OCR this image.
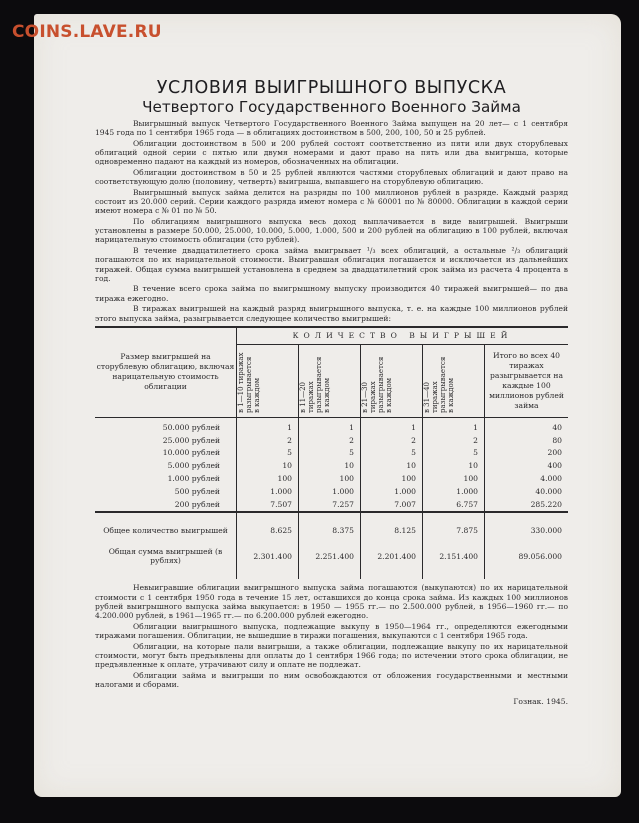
COINS.LAVE.RU
УСЛОВИЯ ВЫИГРЫШНОГО ВЫПУСКА
Четвертого Государственного Военного Займа

Выигрышный выпуск Четвертого Государственного Военного Займа выпущен на 20 лет— с 1 сентября 1945 года по 1 сентября 1965 года — в облигациях достоинством в 500, 200, 100, 50 и 25 рублей.

Облигации достоинством в 500 и 200 рублей состоят соответственно из пяти или двух сторублевых облигаций одной серии с пятью или двумя номерами и дают право на пять или два выигрыша, которые одновременно падают на каждый из номеров, обозначенных на облигации.

Облигации достоинством в 50 и 25 рублей являются частями сторублевых облигаций и дают право на соответствующую долю (половину, четверть) выигрыша, выпавшего на сторублевую облигацию.

Выигрышный выпуск займа делится на разряды по 100 миллионов рублей в разряде. Каждый разряд состоит из 20.000 серий. Серии каждого разряда имеют номера с № 60001 по № 80000. Облигации в каждой серии имеют номера с № 01 по № 50.

По облигациям выигрышного выпуска весь доход выплачивается в виде выигрышей. Выигрыши установлены в размере 50.000, 25.000, 10.000, 5.000, 1.000, 500 и 200 рублей на облигацию в 100 рублей, включая нарицательную стоимость облигации (сто рублей).

В течение двадцатилетнего срока займа выигрывает ¹/₃ всех облигаций, а остальные ²/₃ облигаций погашаются по их нарицательной стоимости. Выигравшая облигация погашается и исключается из дальнейших тиражей. Общая сумма выигрышей установлена в среднем за двадцатилетний срок займа из расчета 4 процента в год.

В течение всего срока займа по выигрышному выпуску производится 40 тиражей выигрышей— по два тиража ежегодно.

В тиражах выигрышей на каждый разряд выигрышного выпуска, т. е. на каждые 100 миллионов рублей этого выпуска займа, разыгрывается следующее количество выигрышей:

Размер выигрышей на сторублевую облигацию, включая нарицательную стоимость облигации	КОЛИЧЕСТВО ВЫИГРЫШЕЙ				

	в 1—10 тиражах разыгрывается в каждом	в 11—20 тиражах разыгрывается в каждом	в 21—30 тиражах разыгрывается в каждом	в 31—40 тиражах разыгрывается в каждом	Итого во всех 40 тиражах разыгрывается на каждые 100 миллионов рублей займа

50.000 рублей	1	1	1	1	40
25.000 рублей	2	2	2	2	80
10.000 рублей	5	5	5	5	200
5.000 рублей	10	10	10	10	400
1.000 рублей	100	100	100	100	4.000
500 рублей	1.000	1.000	1.000	1.000	40.000
200 рублей	7.507	7.257	7.007	6.757	285.220

Общее количество выигрышей	8.625	8.375	8.125	7.875	330.000
Общая сумма выигрышей (в рублях)	2.301.400	2.251.400	2.201.400	2.151.400	89.056.000

Невыигравшие облигации выигрышного выпуска займа погашаются (выкупаются) по их нарицательной стоимости с 1 сентября 1950 года в течение 15 лет, оставшихся до конца срока займа. Из каждых 100 миллионов рублей выигрышного выпуска займа выкупается: в 1950 — 1955 гг.— по 2.500.000 рублей, в 1956—1960 гг.— по 4.200.000 рублей, в 1961—1965 гг.— по 6.200.000 рублей ежегодно.

Облигации выигрышного выпуска, подлежащие выкупу в 1950—1964 гг., определяются ежегодными тиражами погашения. Облигации, не вышедшие в тиражи погашения, выкупаются с 1 сентября 1965 года.

Облигации, на которые пали выигрыши, а также облигации, подлежащие выкупу по их нарицательной стоимости, могут быть предъявлены для оплаты до 1 сентября 1966 года; по истечении этого срока облигации, не предъявленные к оплате, утрачивают силу и оплате не подлежат.

Облигации займа и выигрыши по ним освобождаются от обложения государственными и местными налогами и сборами.

Гознак. 1945.
